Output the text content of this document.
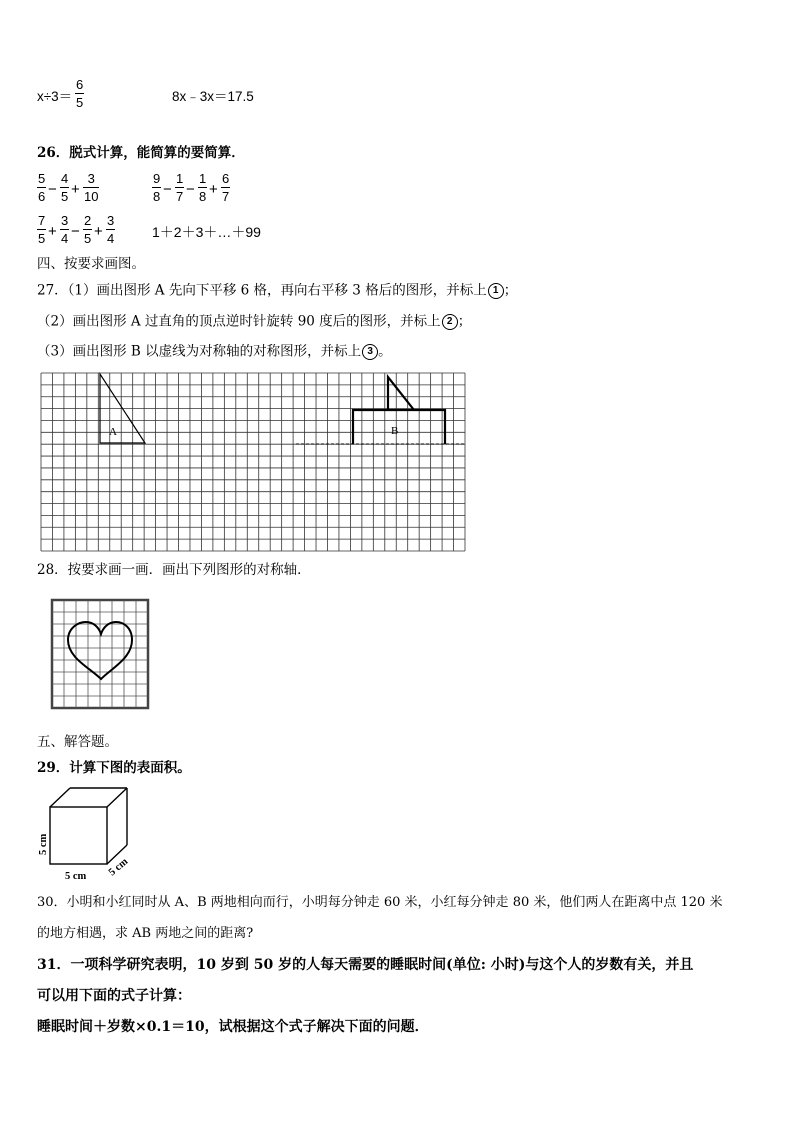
x÷3＝
6
5	8x﹣3x＝17.5
26．脱式计算，能简算的要简算．
5
6 −
4
5 +
3
10
9
8 −
1
7 −
1
8 +
6
7
7
5 +
3
4 −
2
5 +
3
4	1＋2＋3＋…＋99
四、按要求画图。
27．（1）画出图形 A 先向下平移 6 格，再向右平移 3 格后的图形，并标上 1 ；
（2）画出图形 A 过直角的顶点逆时针旋转 90 度后的图形，并标上 2 ；
（3）画出图形 B 以虚线为对称轴的对称图形，并标上 3 。
A	B
28．按要求画一画．画出下列图形的对称轴．
五、解答题。
29．计算下图的表面积。
5 cm
5 cm 5 cm
30．小明和小红同时从 A、B 两地相向而行，小明每分钟走 60 米，小红每分钟走 80 米，他们两人在距离中点 120 米
的地方相遇，求 AB 两地之间的距离?
31．一项科学研究表明，10 岁到 50 岁的人每天需要的睡眠时间(单位: 小时)与这个人的岁数有关，并且
可以用下面的式子计算：
睡眠时间＋岁数×0.1＝10，试根据这个式子解决下面的问题．
